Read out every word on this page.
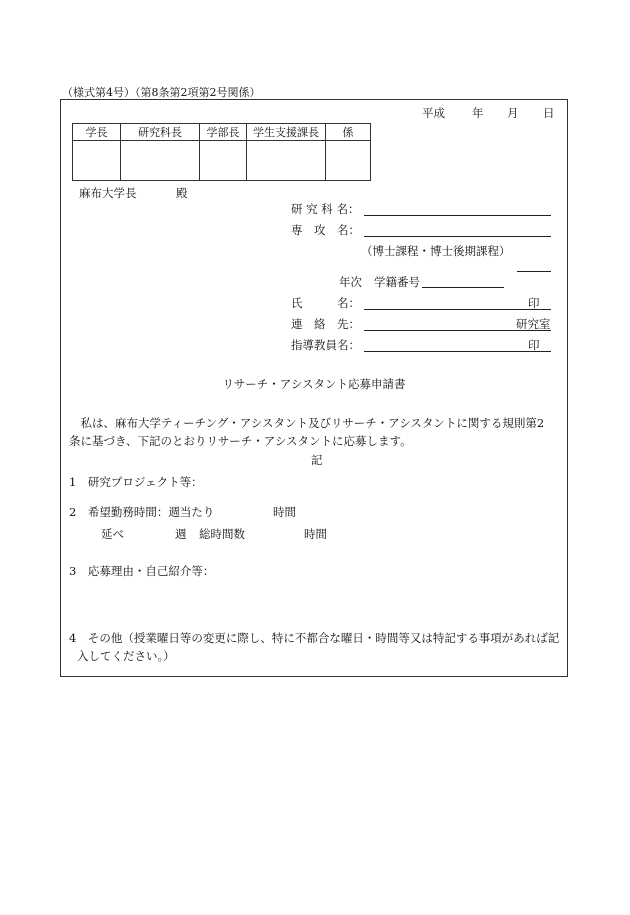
（様式第4号）（第8条第2項第2号関係）
平成 年 月 日
学長	研究科長	学部長	学生支援課長	係

麻布大学長	殿
研 究 科 名：
専　攻　名：
（博士課程・博士後期課程）
年次 学籍番号
氏　　　名：	印
連　絡　先：	研究室
指導教員名：	印
リサーチ・アシスタント応募申請書
私は、麻布大学ティーチング・アシスタント及びリサーチ・アシスタントに関する規則第2
条に基づき、下記のとおりリサーチ・アシスタントに応募します。
記
1　研究プロジェクト等：
2　希望勤務時間：週当たり	時間
延べ	週 総時間数	時間
3　応募理由・自己紹介等：
4　その他（授業曜日等の変更に際し、特に不都合な曜日・時間等又は特記する事項があれば記
入してください。）
